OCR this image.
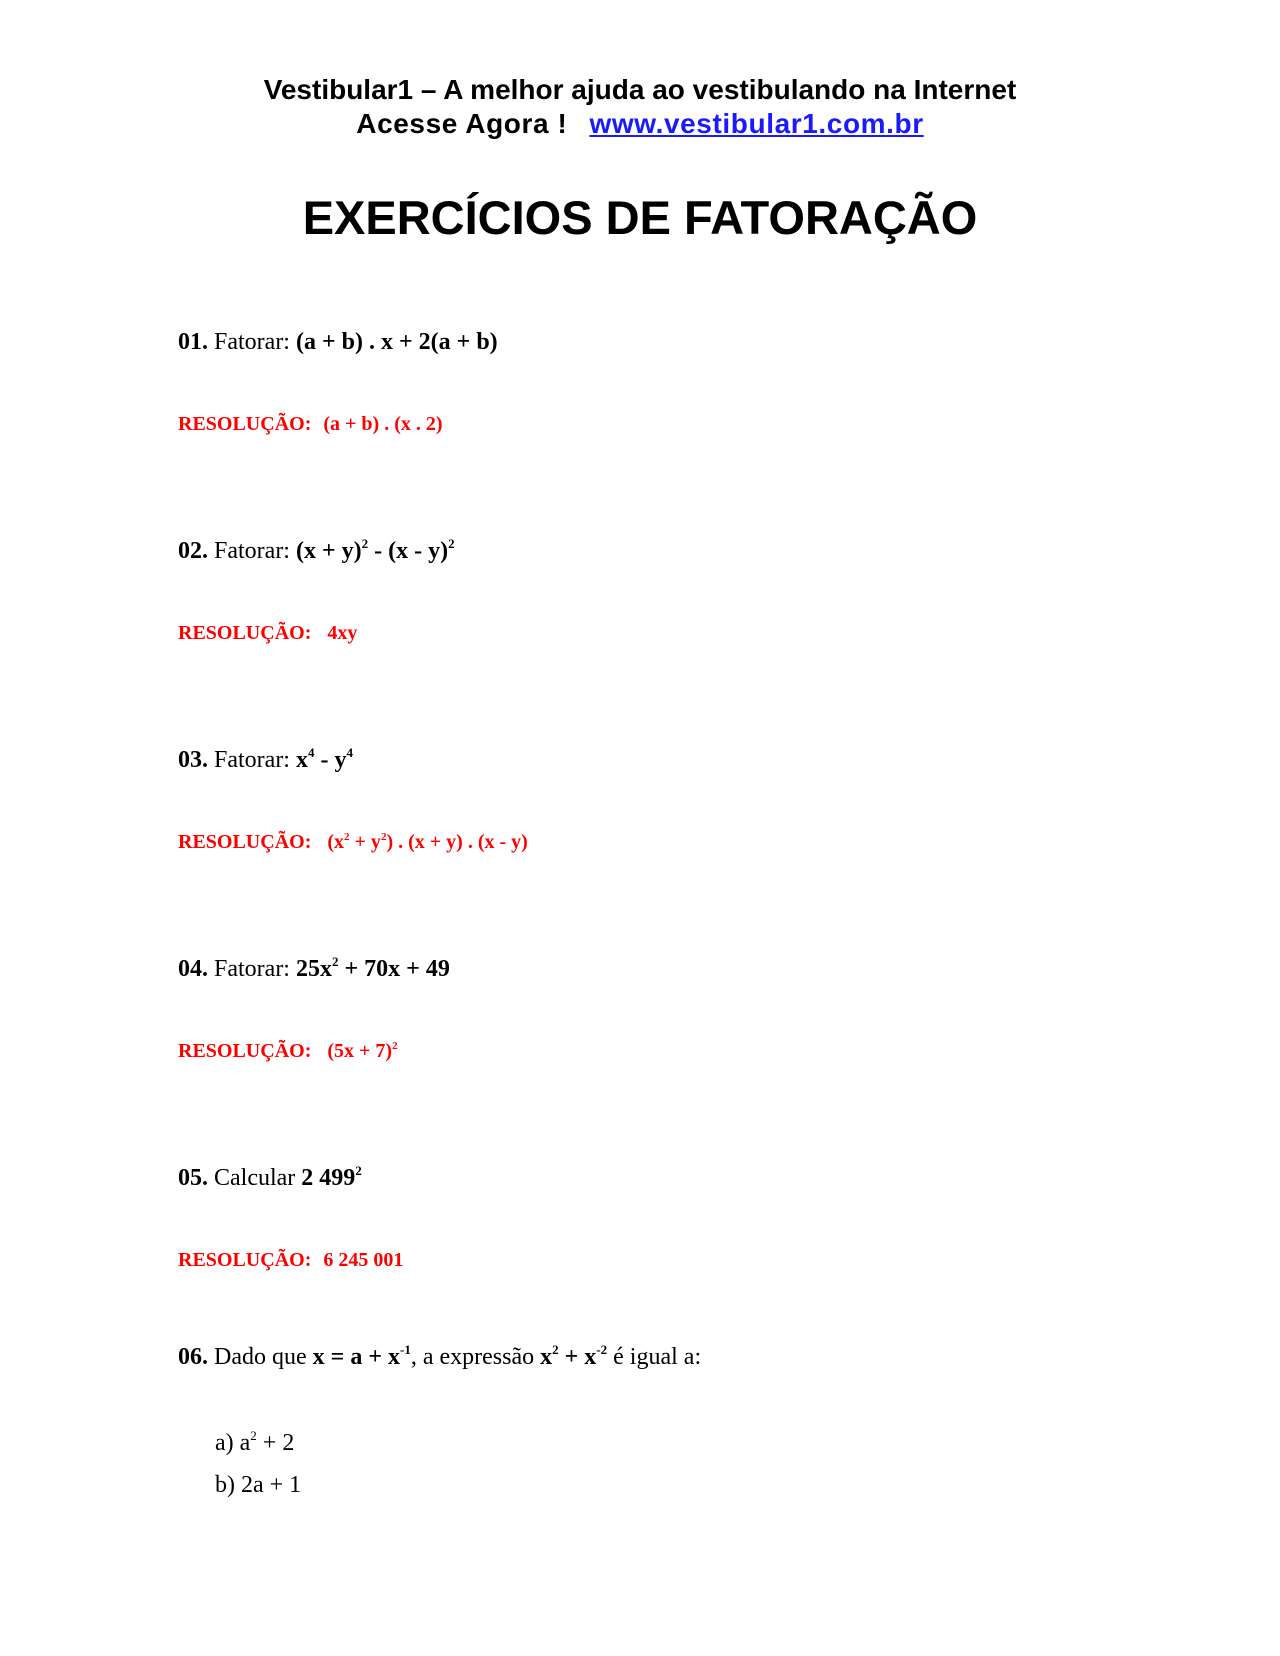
Vestibular1 – A melhor ajuda ao vestibulando na Internet
Acesse Agora ! www.vestibular1.com.br
EXERCÍCIOS DE FATORAÇÃO
01. Fatorar: (a + b) . x + 2(a + b)
RESOLUÇÃO: (a + b) . (x . 2)
02. Fatorar: $(x + y)^2 - (x - y)^2$
RESOLUÇÃO: 4xy
03. Fatorar: $x^4 - y^4$
RESOLUÇÃO: $(x^2 + y^2)$ . (x + y) . (x - y)
04. Fatorar: $25x^2 + 70x + 49$
RESOLUÇÃO: $(5x + 7)^2$
05. Calcular 2 $499^2$
RESOLUÇÃO: 6 245 001
06. Dado que $x = a + x^{-1}$, a expressão $x^2 + x^{-2}$ é igual a:
a) $a^2 + 2$
b) 2a + 1
